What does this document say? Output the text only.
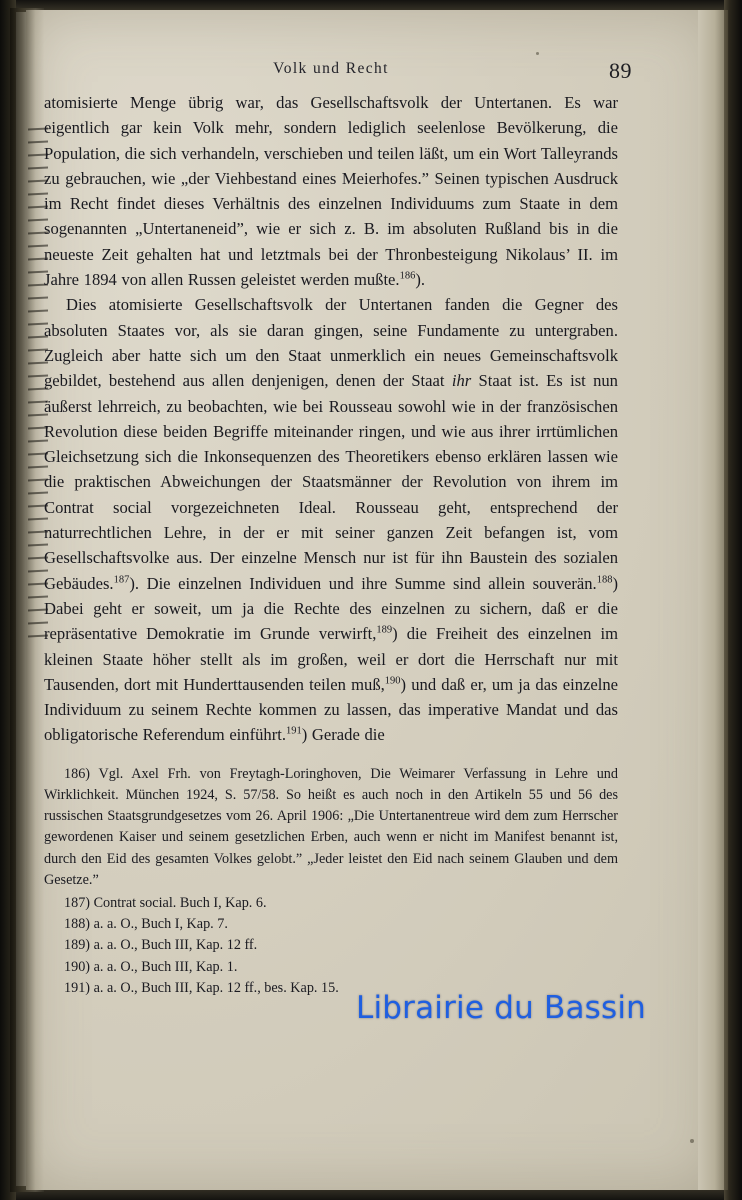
Volk und Recht	89

atomisierte Menge übrig war, das Gesellschaftsvolk der Untertanen. Es war eigentlich gar kein Volk mehr, sondern lediglich seelenlose Bevölkerung, die Population, die sich verhandeln, verschieben und teilen läßt, um ein Wort Talleyrands zu gebrauchen, wie „der Viehbestand eines Meierhofes.” Seinen typischen Ausdruck im Recht findet dieses Verhältnis des einzelnen Individuums zum Staate in dem sogenannten „Untertaneneid”, wie er sich z. B. im absoluten Rußland bis in die neueste Zeit gehalten hat und letztmals bei der Thronbesteigung Nikolaus’ II. im Jahre 1894 von allen Russen geleistet werden mußte.$^{186}$).

Dies atomisierte Gesellschaftsvolk der Untertanen fanden die Gegner des absoluten Staates vor, als sie daran gingen, seine Fundamente zu untergraben. Zugleich aber hatte sich um den Staat unmerklich ein neues Gemeinschaftsvolk gebildet, bestehend aus allen denjenigen, denen der Staat ihr Staat ist. Es ist nun äußerst lehrreich, zu beobachten, wie bei Rousseau sowohl wie in der französischen Revolution diese beiden Begriffe miteinander ringen, und wie aus ihrer irrtümlichen Gleichsetzung sich die Inkonsequenzen des Theoretikers ebenso erklären lassen wie die praktischen Abweichungen der Staatsmänner der Revolution von ihrem im Contrat social vorgezeichneten Ideal. Rousseau geht, entsprechend der naturrechtlichen Lehre, in der er mit seiner ganzen Zeit befangen ist, vom Gesellschaftsvolke aus. Der einzelne Mensch nur ist für ihn Baustein des sozialen Gebäudes.$^{187}$). Die einzelnen Individuen und ihre Summe sind allein souverän.$^{188}$) Dabei geht er soweit, um ja die Rechte des einzelnen zu sichern, daß er die repräsentative Demokratie im Grunde verwirft,$^{189}$) die Freiheit des einzelnen im kleinen Staate höher stellt als im großen, weil er dort die Herrschaft nur mit Tausenden, dort mit Hunderttausenden teilen muß,$^{190}$) und daß er, um ja das einzelne Individuum zu seinem Rechte kommen zu lassen, das imperative Mandat und das obligatorische Referendum einführt.$^{191}$) Gerade die

186) Vgl. Axel Frh. von Freytagh-Loringhoven, Die Weimarer Verfassung in Lehre und Wirklichkeit. München 1924, S. 57/58. So heißt es auch noch in den Artikeln 55 und 56 des russischen Staatsgrundgesetzes vom 26. April 1906: „Die Untertanentreue wird dem zum Herrscher gewordenen Kaiser und seinem gesetzlichen Erben, auch wenn er nicht im Manifest benannt ist, durch den Eid des gesamten Volkes gelobt.” „Jeder leistet den Eid nach seinem Glauben und dem Gesetze.”

187) Contrat social. Buch I, Kap. 6.

188) a. a. O., Buch I, Kap. 7.

189) a. a. O., Buch III, Kap. 12 ff.

190) a. a. O., Buch III, Kap. 1.

191) a. a. O., Buch III, Kap. 12 ff., bes. Kap. 15.

Librairie du Bassin
